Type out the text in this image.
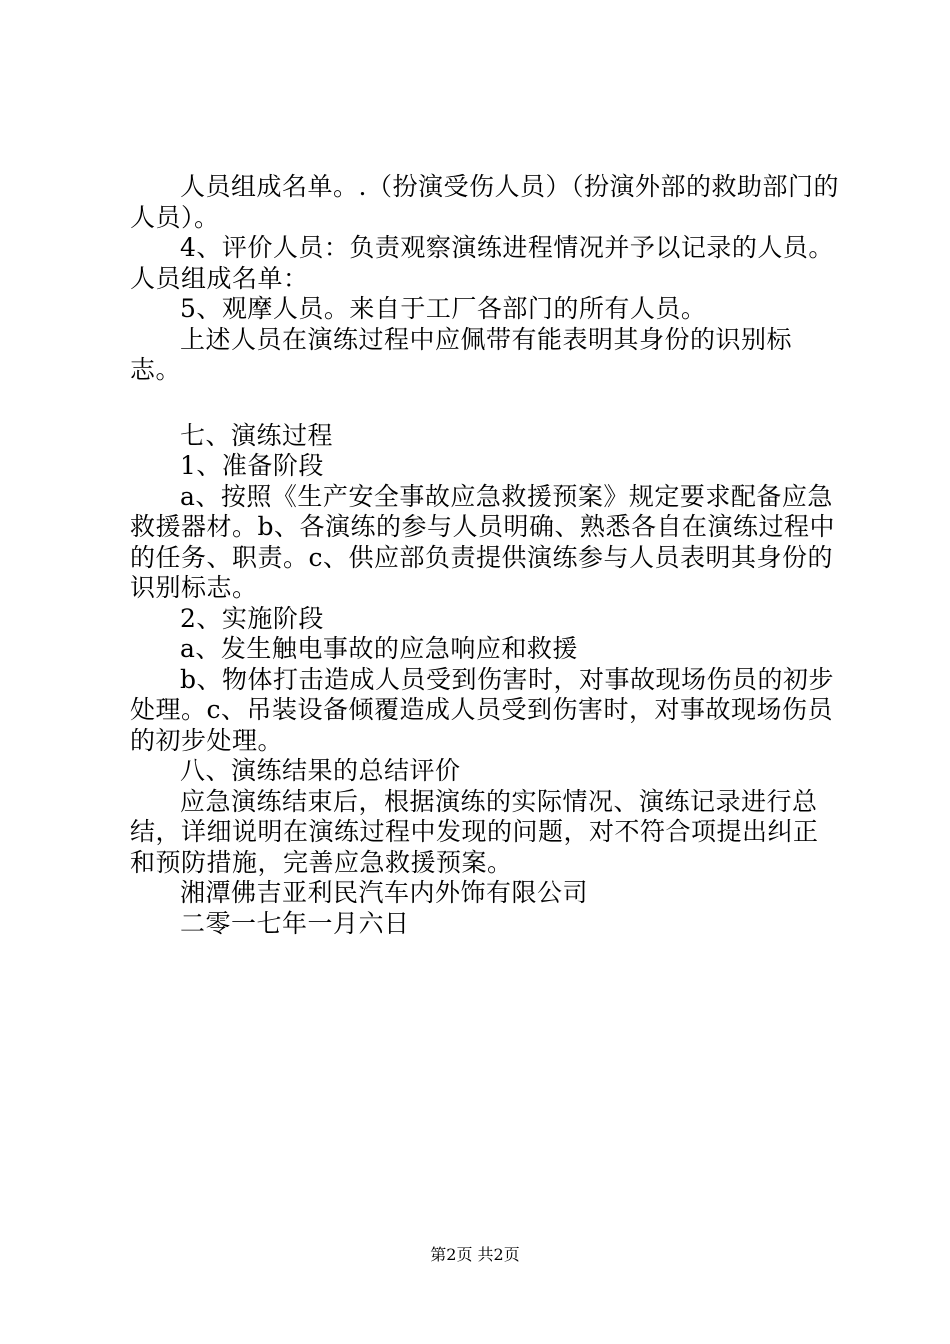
人员组成名单。.（扮演受伤人员）（扮演外部的救助部门的人员）。

4、评价人员：负责观察演练进程情况并予以记录的人员。人员组成名单：

5、观摩人员。来自于工厂各部门的所有人员。

上述人员在演练过程中应佩带有能表明其身份的识别标志。

七、演练过程

1、准备阶段

a、按照《生产安全事故应急救援预案》规定要求配备应急救援器材。b、各演练的参与人员明确、熟悉各自在演练过程中的任务、职责。c、供应部负责提供演练参与人员表明其身份的识别标志。

2、实施阶段

a、发生触电事故的应急响应和救援

b、物体打击造成人员受到伤害时，对事故现场伤员的初步处理。c、吊装设备倾覆造成人员受到伤害时，对事故现场伤员的初步处理。

八、演练结果的总结评价

应急演练结束后，根据演练的实际情况、演练记录进行总结，详细说明在演练过程中发现的问题，对不符合项提出纠正和预防措施，完善应急救援预案。

湘潭佛吉亚利民汽车内外饰有限公司

二零一七年一月六日

第2页 共2页
